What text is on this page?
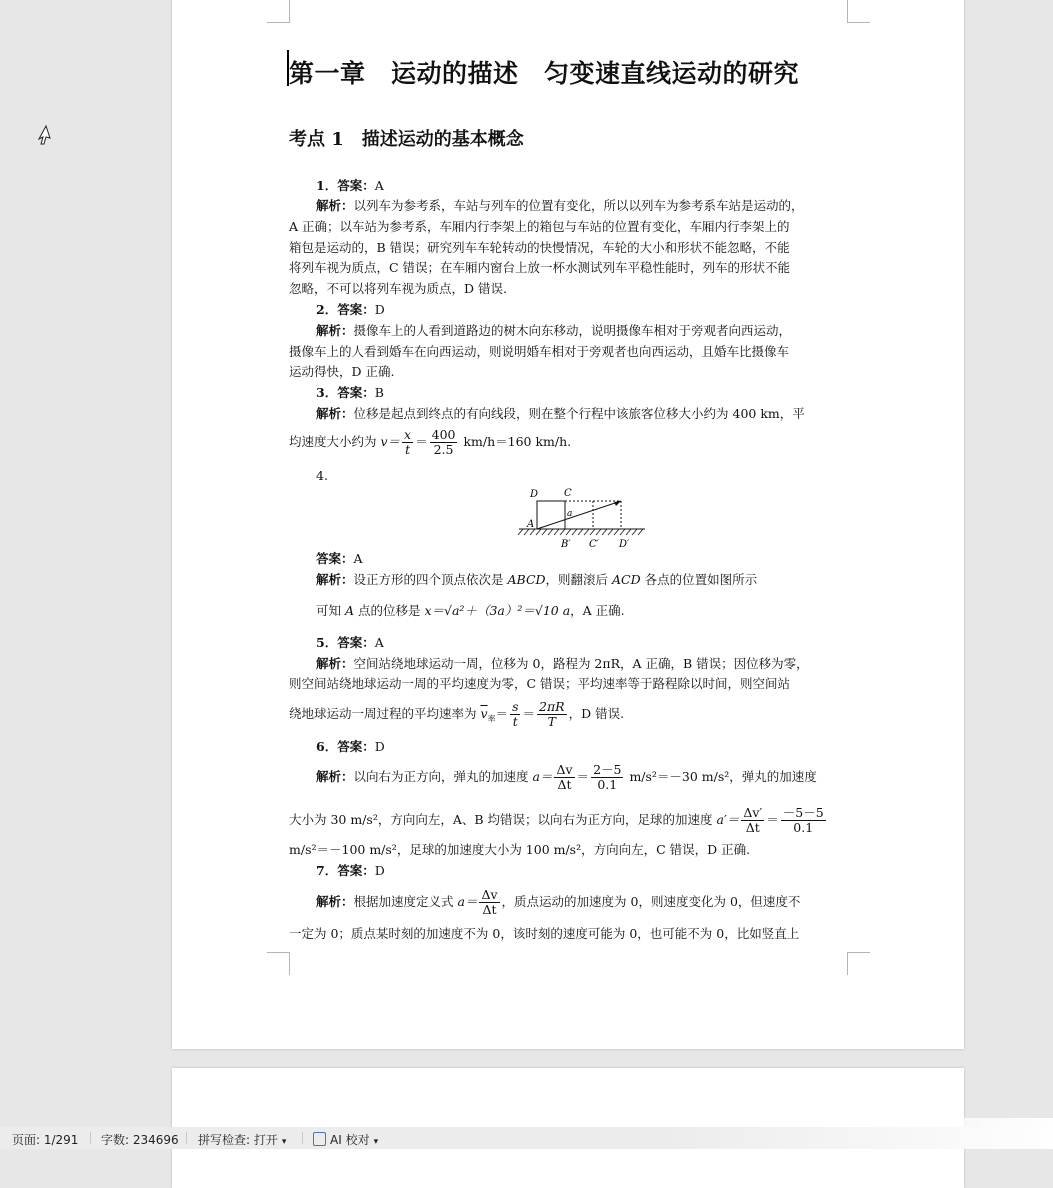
第一章　运动的描述　匀变速直线运动的研究
考点 1　描述运动的基本概念
1．答案：A
解析：以列车为参考系，车站与列车的位置有变化，所以以列车为参考系车站是运动的，
A 正确；以车站为参考系，车厢内行李架上的箱包与车站的位置有变化，车厢内行李架上的
箱包是运动的，B 错误；研究列车车轮转动的快慢情况，车轮的大小和形状不能忽略，不能
将列车视为质点，C 错误；在车厢内窗台上放一杯水测试列车平稳性能时，列车的形状不能
忽略，不可以将列车视为质点，D 错误.
2．答案：D
解析：摄像车上的人看到道路边的树木向东移动，说明摄像车相对于旁观者向西运动，
摄像车上的人看到婚车在向西运动，则说明婚车相对于旁观者也向西运动，且婚车比摄像车
运动得快，D 正确.
3．答案：B
解析：位移是起点到终点的有向线段，则在整个行程中该旅客位移大小约为 400 km，平
均速度大小约为 $v= \frac{x}{t} = \frac{400}{2.5} km/h=160$ km/h.
4.
D	C
a
A
B′ C′ D′
答案：A
解析：设正方形的四个顶点依次是 ABCD，则翻滚后 ACD 各点的位置如图所示
可知 A 点的位移是 x＝√a²＋（3a）²＝√10 a，A 正确.
5．答案：A
解析：空间站绕地球运动一周，位移为 0，路程为 2πR，A 正确，B 错误；因位移为零，
则空间站绕地球运动一周的平均速度为零，C 错误；平均速率等于路程除以时间，则空间站
绕地球运动一周过程的平均速率为 $\overline{v}_率= \frac{s}{t} = \frac{2\pi R}{T}$ ，D 错误.
6．答案：D
解析：以向右为正方向，弹丸的加速度 $a= \frac{\Delta v}{\Delta t} = \frac{2-5}{0.1} m/s^2=-30$ m/s²，弹丸的加速度
大小为 30 m/s²，方向向左，A、B 均错误；以向右为正方向，足球的加速度 $a'= \frac{\Delta v'}{\Delta t} = \frac{-5-5}{0.1}$
m/s²＝－100 m/s²，足球的加速度大小为 100 m/s²，方向向左，C 错误，D 正确.
7．答案：D
解析：根据加速度定义式 $a= \frac{\Delta v}{\Delta t}$ ，质点运动的加速度为 0，则速度变化为 0，但速度不
一定为 0；质点某时刻的加速度不为 0，该时刻的速度可能为 0，也可能不为 0，比如竖直上
页面: 1/291 字数: 234696 拼写检查: 打开 ▾	AI 校对 ▾
